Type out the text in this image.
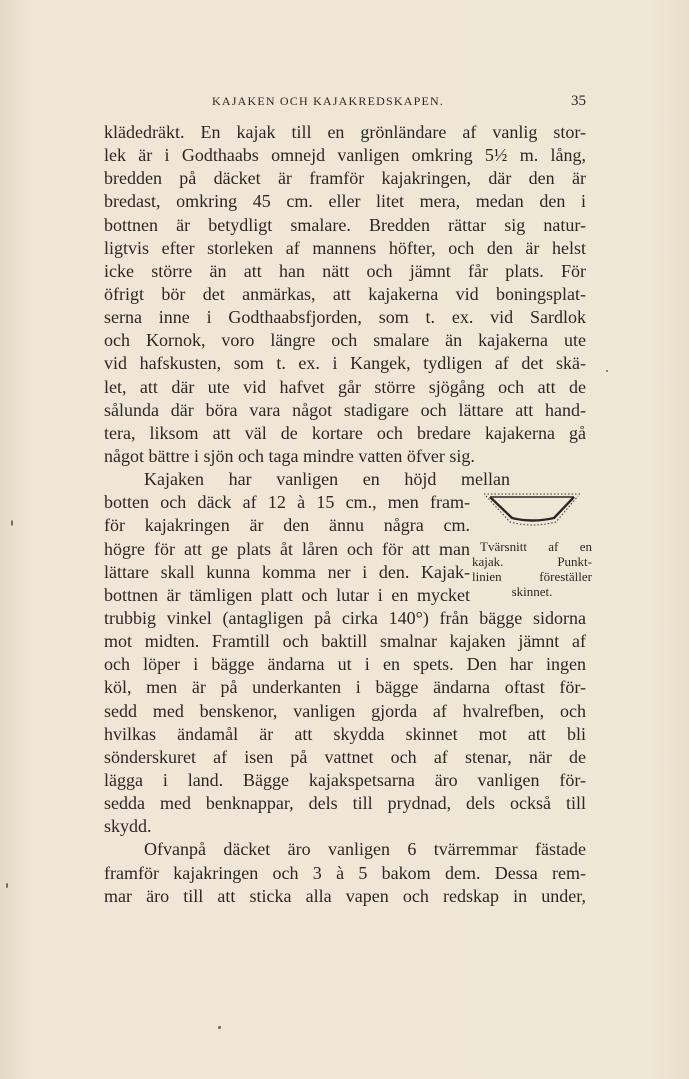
KAJAKEN OCH KAJAKREDSKAPEN.	35
klädedräkt. En kajak till en grönländare af vanlig stor-
lek är i Godthaabs omnejd vanligen omkring 5½ m. lång,
bredden på däcket är framför kajakringen, där den är
bredast, omkring 45 cm. eller litet mera, medan den i
bottnen är betydligt smalare. Bredden rättar sig natur-
ligtvis efter storleken af mannens höfter, och den är helst
icke större än att han nätt och jämnt får plats. För
öfrigt bör det anmärkas, att kajakerna vid boningsplat-
serna inne i Godthaabsfjorden, som t. ex. vid Sardlok
och Kornok, voro längre och smalare än kajakerna ute
vid hafskusten, som t. ex. i Kangek, tydligen af det skä-
let, att där ute vid hafvet går större sjögång och att de
sålunda där böra vara något stadigare och lättare att hand-
tera, liksom att väl de kortare och bredare kajakerna gå
något bättre i sjön och taga mindre vatten öfver sig.
Kajaken har vanligen en höjd mellan
botten och däck af 12 à 15 cm., men fram-
för kajakringen är den ännu några cm.
högre för att ge plats åt låren och för att man
lättare skall kunna komma ner i den. Kajak-
bottnen är tämligen platt och lutar i en mycket
trubbig vinkel (antagligen på cirka 140°) från bägge sidorna
mot midten. Framtill och baktill smalnar kajaken jämnt af
och löper i bägge ändarna ut i en spets. Den har ingen
köl, men är på underkanten i bägge ändarna oftast för-
sedd med benskenor, vanligen gjorda af hvalrefben, och
hvilkas ändamål är att skydda skinnet mot att bli
sönderskuret af isen på vattnet och af stenar, när de
lägga i land. Bägge kajakspetsarna äro vanligen för-
sedda med benknappar, dels till prydnad, dels också till
skydd.
Ofvanpå däcket äro vanligen 6 tvärremmar fästade
framför kajakringen och 3 à 5 bakom dem. Dessa rem-
mar äro till att sticka alla vapen och redskap in under,
Tvärsnitt af en
kajak. Punkt-
linien föreställer
skinnet.
